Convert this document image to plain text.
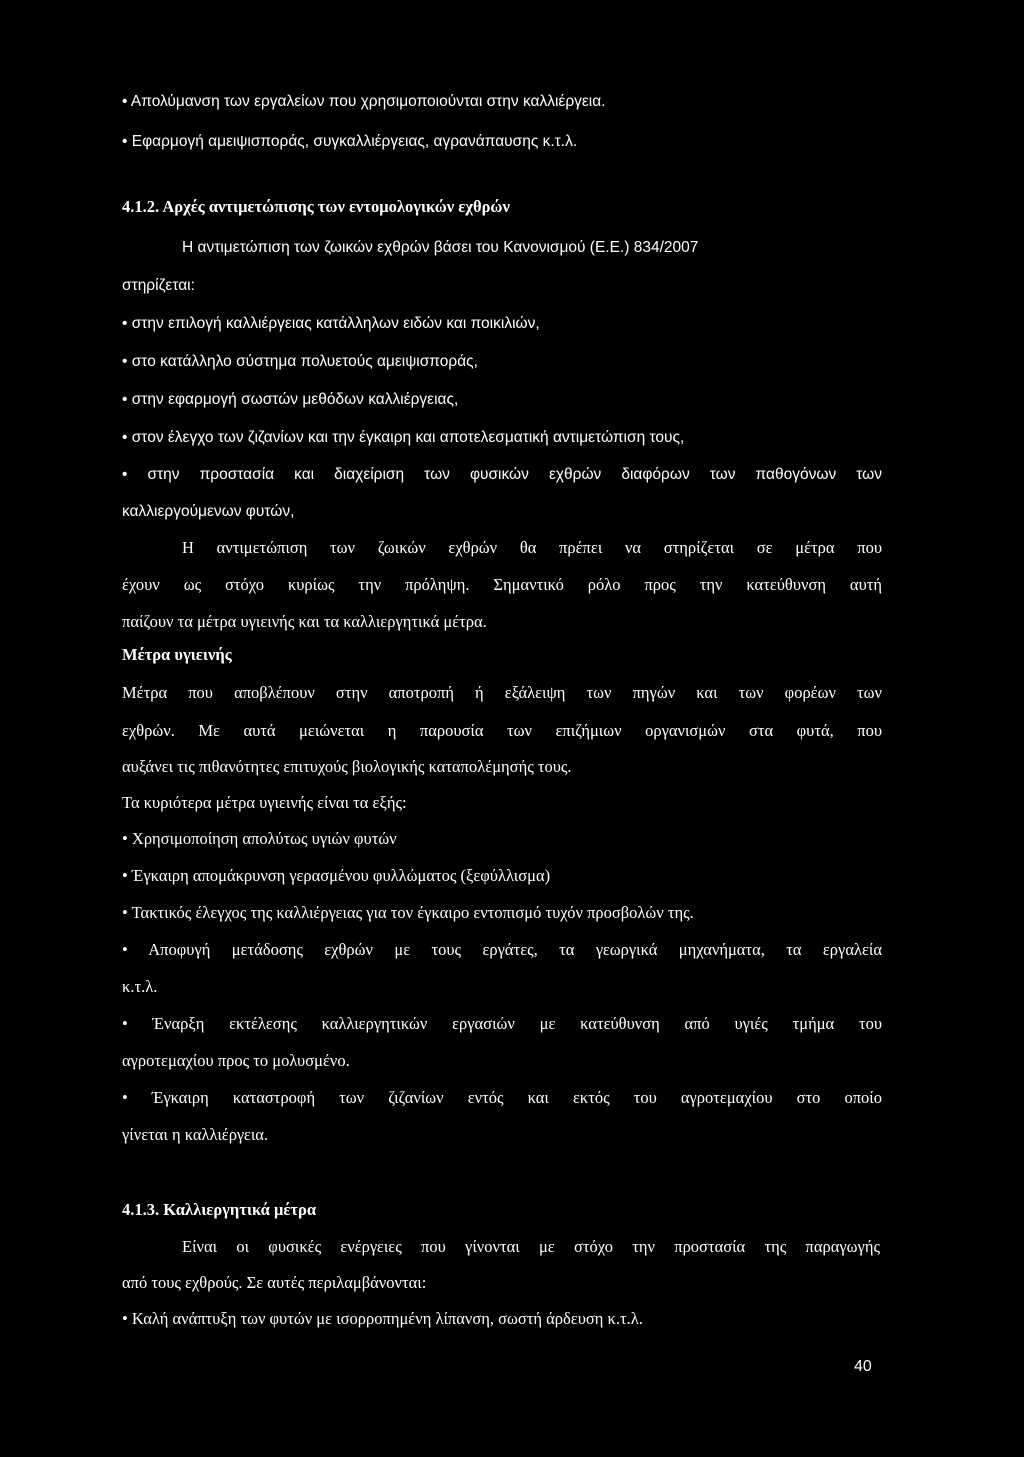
• Απολύμανση των εργαλείων που χρησιμοποιούνται στην καλλιέργεια.
• Εφαρμογή αμειψισποράς, συγκαλλιέργειας, αγρανάπαυσης κ.τ.λ.
4.1.2. Αρχές αντιμετώπισης των εντομολογικών εχθρών
Η αντιμετώπιση των ζωικών εχθρών βάσει του Κανονισμού (Ε.Ε.) 834/2007
στηρίζεται:
• στην επιλογή καλλιέργειας κατάλληλων ειδών και ποικιλιών,
• στο κατάλληλο σύστημα πολυετούς αμειψισποράς,
• στην εφαρμογή σωστών μεθόδων καλλιέργειας,
• στον έλεγχο των ζιζανίων και την έγκαιρη και αποτελεσματική αντιμετώπιση τους,
• στην προστασία και διαχείριση των φυσικών εχθρών διαφόρων των παθογόνων των
καλλιεργούμενων φυτών,
Η αντιμετώπιση των ζωικών εχθρών θα πρέπει να στηρίζεται σε μέτρα που
έχουν ως στόχο κυρίως την πρόληψη. Σημαντικό ρόλο προς την κατεύθυνση αυτή
παίζουν τα μέτρα υγιεινής και τα καλλιεργητικά μέτρα.
Μέτρα υγιεινής
Μέτρα που αποβλέπουν στην αποτροπή ή εξάλειψη των πηγών και των φορέων των
εχθρών. Με αυτά μειώνεται η παρουσία των επιζήμιων οργανισμών στα φυτά, που
αυξάνει τις πιθανότητες επιτυχούς βιολογικής καταπολέμησής τους.
Τα κυριότερα μέτρα υγιεινής είναι τα εξής:
• Χρησιμοποίηση απολύτως υγιών φυτών
• Έγκαιρη απομάκρυνση γερασμένου φυλλώματος (ξεφύλλισμα)
• Τακτικός έλεγχος της καλλιέργειας για τον έγκαιρο εντοπισμό τυχόν προσβολών της.
• Αποφυγή μετάδοσης εχθρών με τους εργάτες, τα γεωργικά μηχανήματα, τα εργαλεία
κ.τ.λ.
• Έναρξη εκτέλεσης καλλιεργητικών εργασιών με κατεύθυνση από υγιές τμήμα του
αγροτεμαχίου προς το μολυσμένο.
• Έγκαιρη καταστροφή των ζιζανίων εντός και εκτός του αγροτεμαχίου στο οποίο
γίνεται η καλλιέργεια.
4.1.3. Καλλιεργητικά μέτρα
Είναι οι φυσικές ενέργειες που γίνονται με στόχο την προστασία της παραγωγής
από τους εχθρούς. Σε αυτές περιλαμβάνονται:
• Καλή ανάπτυξη των φυτών με ισορροπημένη λίπανση, σωστή άρδευση κ.τ.λ.
40
